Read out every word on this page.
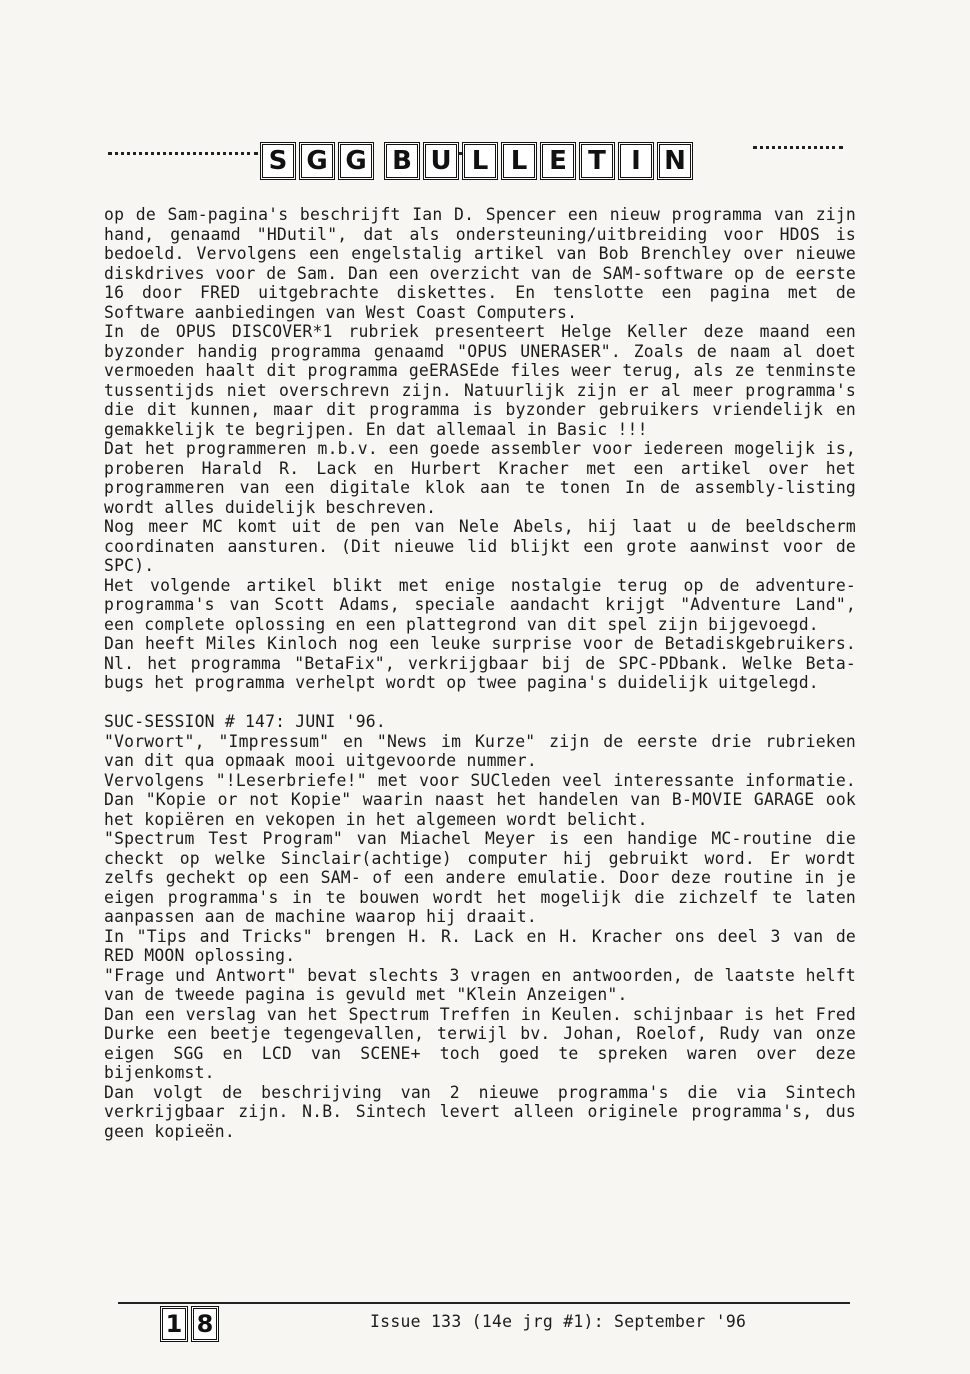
S G G B U L L E T I N

op de Sam-pagina's beschrijft Ian D. Spencer een nieuw programma van zijn hand, genaamd "HDutil", dat als ondersteuning/uitbreiding voor HDOS is bedoeld. Vervolgens een engelstalig artikel van Bob Brenchley over nieuwe diskdrives voor de Sam. Dan een overzicht van de SAM-software op de eerste 16 door FRED uitgebrachte diskettes. En tenslotte een pagina met de Software aanbiedingen van West Coast Computers.

In de OPUS DISCOVER*1 rubriek presenteert Helge Keller deze maand een byzonder handig programma genaamd "OPUS UNERASER". Zoals de naam al doet vermoeden haalt dit programma geERASEde files weer terug, als ze tenminste tussentijds niet overschrevn zijn. Natuurlijk zijn er al meer programma's die dit kunnen, maar dit programma is byzonder gebruikers vriendelijk en gemakkelijk te begrijpen. En dat allemaal in Basic !!!

Dat het programmeren m.b.v. een goede assembler voor iedereen mogelijk is, proberen Harald R. Lack en Hurbert Kracher met een artikel over het programmeren van een digitale klok aan te tonen In de assembly-listing wordt alles duidelijk beschreven.

Nog meer MC komt uit de pen van Nele Abels, hij laat u de beeldscherm coordinaten aansturen. (Dit nieuwe lid blijkt een grote aanwinst voor de SPC).

Het volgende artikel blikt met enige nostalgie terug op de adventure-programma's van Scott Adams, speciale aandacht krijgt "Adventure Land", een complete oplossing en een plattegrond van dit spel zijn bijgevoegd.

Dan heeft Miles Kinloch nog een leuke surprise voor de Betadiskgebruikers. Nl. het programma "BetaFix", verkrijgbaar bij de SPC-PDbank. Welke Beta-bugs het programma verhelpt wordt op twee pagina's duidelijk uitgelegd.

SUC-SESSION # 147: JUNI '96.

"Vorwort", "Impressum" en "News im Kurze" zijn de eerste drie rubrieken van dit qua opmaak mooi uitgevoorde nummer.

Vervolgens "!Leserbriefe!" met voor SUCleden veel interessante informatie. Dan "Kopie or not Kopie" waarin naast het handelen van B-MOVIE GARAGE ook het kopiëren en vekopen in het algemeen wordt belicht.

"Spectrum Test Program" van Miachel Meyer is een handige MC-routine die checkt op welke Sinclair(achtige) computer hij gebruikt word. Er wordt zelfs gechekt op een SAM- of een andere emulatie. Door deze routine in je eigen programma's in te bouwen wordt het mogelijk die zichzelf te laten aanpassen aan de machine waarop hij draait.

In "Tips and Tricks" brengen H. R. Lack en H. Kracher ons deel 3 van de RED MOON oplossing.

"Frage und Antwort" bevat slechts 3 vragen en antwoorden, de laatste helft van de tweede pagina is gevuld met "Klein Anzeigen".

Dan een verslag van het Spectrum Treffen in Keulen. schijnbaar is het Fred Durke een beetje tegengevallen, terwijl bv. Johan, Roelof, Rudy van onze eigen SGG en LCD van SCENE+ toch goed te spreken waren over deze bijenkomst.

Dan volgt de beschrijving van 2 nieuwe programma's die via Sintech verkrijgbaar zijn. N.B. Sintech levert alleen originele programma's, dus geen kopieën.

1 8	Issue 133 (14e jrg #1): September '96
